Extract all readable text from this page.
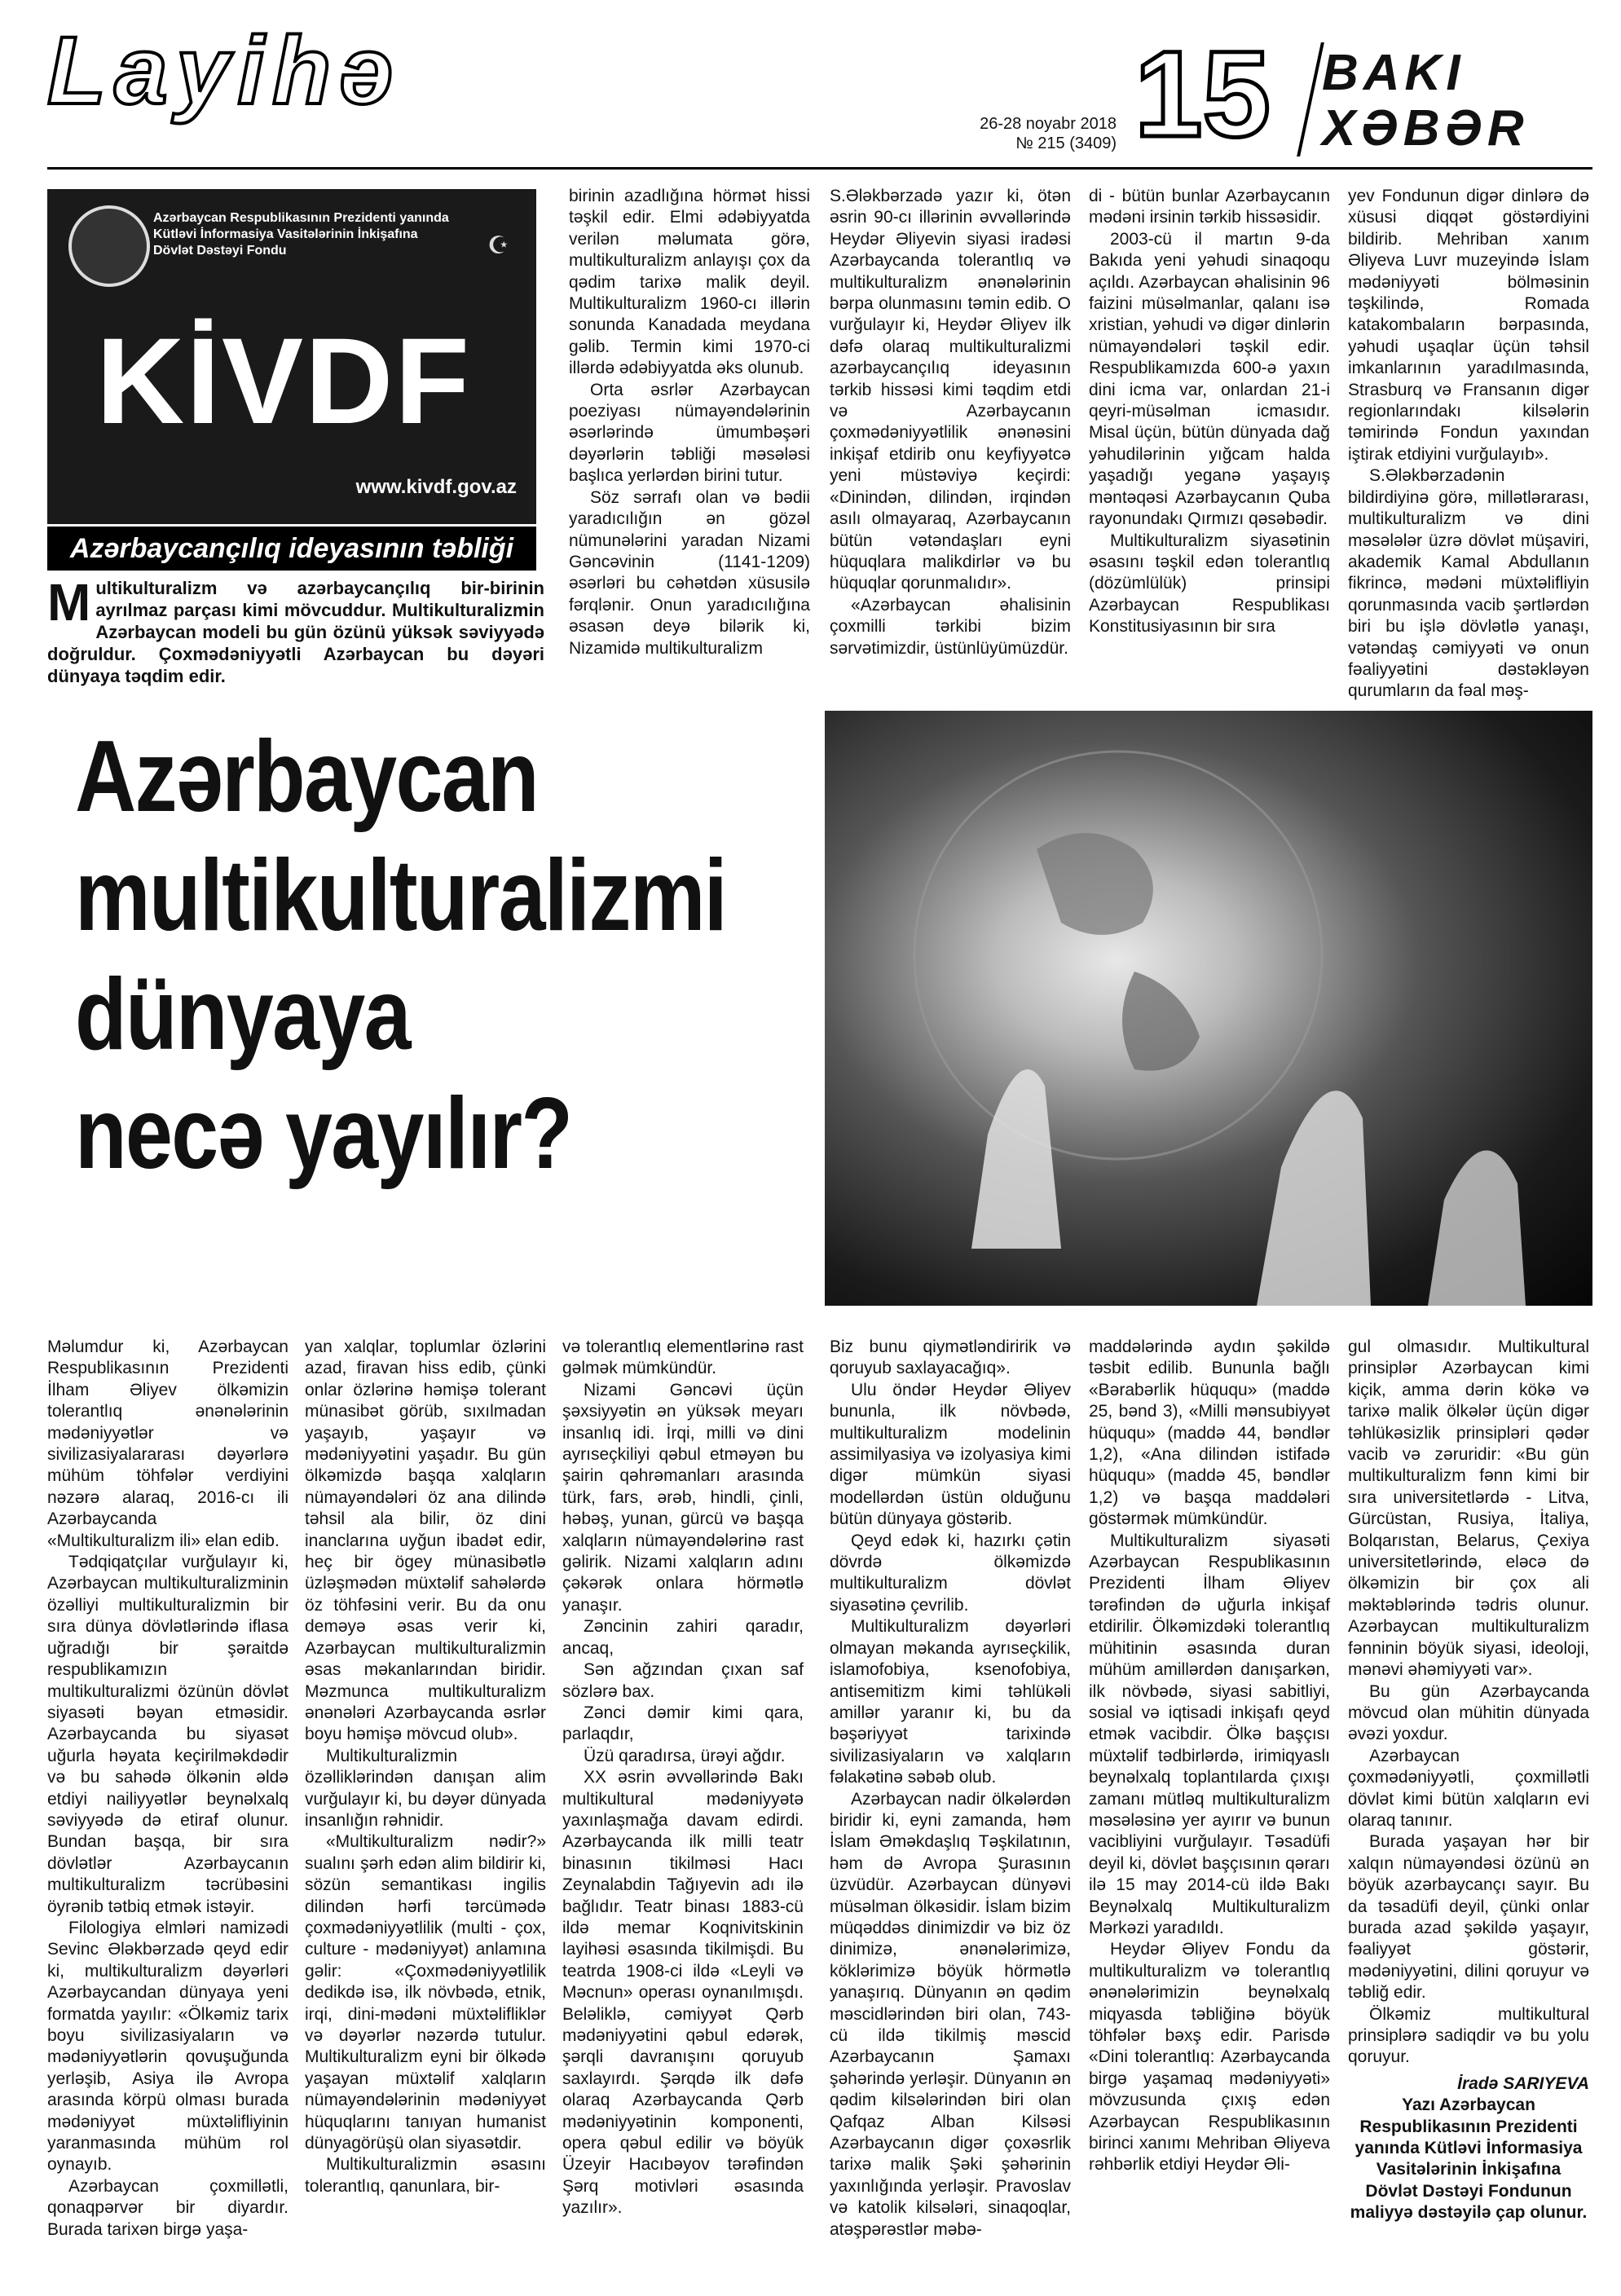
Layihə	26-28 noyabr 2018
№ 215 (3409) 15 BAKI
XƏBƏR
Azərbaycan Respublikasının Prezidenti yanında
Kütləvi İnformasiya Vasitələrinin İnkişafına
Dövlət Dəstəyi Fondu	☪
KİVDF
www.kivdf.gov.az
Azərbaycançılıq ideyasının təbliği
Multikulturalizm və azərbaycançılıq bir-birinin ayrılmaz parçası kimi mövcuddur. Multikulturalizmin Azərbaycan modeli bu gün özünü yüksək səviyyədə doğruldur. Çoxmədəniyyətli Azərbaycan bu dəyəri dünyaya təqdim edir.

birinin azadlığına hörmət hissi təşkil edir. Elmi ədəbiyyatda verilən məlumata görə, multikulturalizm anlayışı çox da qədim tarixə malik deyil. Multikulturalizm 1960-cı illərin sonunda Kanadada meydana gəlib. Termin kimi 1970-ci illərdə ədəbiyyatda əks olunub.

Orta əsrlər Azərbaycan poeziyası nümayəndələrinin əsərlərində ümumbəşəri dəyərlərin təbliği məsələsi başlıca yerlərdən birini tutur.

Söz sərrafı olan və bədii yaradıcılığın ən gözəl nümunələrini yaradan Nizami Gəncəvinin (1141-1209) əsərləri bu cəhətdən xüsusilə fərqlənir. Onun yaradıcılığına əsasən deyə bilərik ki, Nizamidə multikulturalizm

S.Ələkbərzadə yazır ki, ötən əsrin 90-cı illərinin əvvəllərində Heydər Əliyevin siyasi iradəsi Azərbaycanda tolerantlıq və multikulturalizm ənənələrinin bərpa olunmasını təmin edib. O vurğulayır ki, Heydər Əliyev ilk dəfə olaraq multikulturalizmi azərbaycançılıq ideyasının tərkib hissəsi kimi təqdim etdi və Azərbaycanın çoxmədəniyyətlilik ənənəsini inkişaf etdirib onu keyfiyyətcə yeni müstəviyə keçirdi: «Dinindən, dilindən, irqindən asılı olmayaraq, Azərbaycanın bütün vətəndaşları eyni hüquqlara malikdirlər və bu hüquqlar qorunmalıdır».

«Azərbaycan əhalisinin çoxmilli tərkibi bizim sərvətimizdir, üstünlüyümüzdür.

di - bütün bunlar Azərbaycanın mədəni irsinin tərkib hissəsidir.

2003-cü il martın 9-da Bakıda yeni yəhudi sinaqoqu açıldı. Azərbaycan əhalisinin 96 faizini müsəlmanlar, qalanı isə xristian, yəhudi və digər dinlərin nümayəndələri təşkil edir. Respublikamızda 600-ə yaxın dini icma var, onlardan 21-i qeyri-müsəlman icmasıdır. Misal üçün, bütün dünyada dağ yəhudilərinin yığcam halda yaşadığı yeganə yaşayış məntəqəsi Azərbaycanın Quba rayonundakı Qırmızı qəsəbədir.

Multikulturalizm siyasətinin əsasını təşkil edən tolerantlıq (dözümlülük) prinsipi Azərbaycan Respublikası Konstitusiyasının bir sıra

yev Fondunun digər dinlərə də xüsusi diqqət göstərdiyini bildirib. Mehriban xanım Əliyeva Luvr muzeyində İslam mədəniyyəti bölməsinin təşkilində, Romada katakombaların bərpasında, yəhudi uşaqlar üçün təhsil imkanlarının yaradılmasında, Strasburq və Fransanın digər regionlarındakı kilsələrin təmirində Fondun yaxından iştirak etdiyini vurğulayıb».

S.Ələkbərzadənin bildirdiyinə görə, millətlərarası, multikulturalizm və dini məsələlər üzrə dövlət müşaviri, akademik Kamal Abdullanın fikrincə, mədəni müxtəlifliyin qorunmasında vacib şərtlərdən biri bu işlə dövlətlə yanaşı, vətəndaş cəmiyyəti və onun fəaliyyətini dəstəkləyən qurumların da fəal məş-

Azərbaycan
multikulturalizmi
dünyaya
necə yayılır?

Məlumdur ki, Azərbaycan Respublikasının Prezidenti İlham Əliyev ölkəmizin tolerantlıq ənənələrinin mədəniyyətlər və sivilizasiyalararası dəyərlərə mühüm töhfələr verdiyini nəzərə alaraq, 2016-cı ili Azərbaycanda «Multikulturalizm ili» elan edib.

Tədqiqatçılar vurğulayır ki, Azərbaycan multikulturalizminin özəlliyi multikulturalizmin bir sıra dünya dövlətlərində iflasa uğradığı bir şəraitdə respublikamızın multikulturalizmi özünün dövlət siyasəti bəyan etməsidir. Azərbaycanda bu siyasət uğurla həyata keçirilməkdədir və bu sahədə ölkənin əldə etdiyi nailiyyətlər beynəlxalq səviyyədə də etiraf olunur. Bundan başqa, bir sıra dövlətlər Azərbaycanın multikulturalizm təcrübəsini öyrənib tətbiq etmək istəyir.

Filologiya elmləri namizədi Sevinc Ələkbərzadə qeyd edir ki, multikulturalizm dəyərləri Azərbaycandan dünyaya yeni formatda yayılır: «Ölkəmiz tarix boyu sivilizasiyaların və mədəniyyətlərin qovuşuğunda yerləşib, Asiya ilə Avropa arasında körpü olması burada mədəniyyət müxtəlifliyinin yaranmasında mühüm rol oynayıb.

Azərbaycan çoxmillətli, qonaqpərvər bir diyardır. Burada tarixən birgə yaşa-

yan xalqlar, toplumlar özlərini azad, firavan hiss edib, çünki onlar özlərinə həmişə tolerant münasibət görüb, sıxılmadan yaşayıb, yaşayır və mədəniyyətini yaşadır. Bu gün ölkəmizdə başqa xalqların nümayəndələri öz ana dilində təhsil ala bilir, öz dini inanclarına uyğun ibadət edir, heç bir ögey münasibətlə üzləşmədən müxtəlif sahələrdə öz töhfəsini verir. Bu da onu deməyə əsas verir ki, Azərbaycan multikulturalizmin əsas məkanlarından biridir. Məzmunca multikulturalizm ənənələri Azərbaycanda əsrlər boyu həmişə mövcud olub».

Multikulturalizmin özəlliklərindən danışan alim vurğulayır ki, bu dəyər dünyada insanlığın rəhnidir.

«Multikulturalizm nədir?» sualını şərh edən alim bildirir ki, sözün semantikası ingilis dilindən hərfi tərcümədə çoxmədəniyyətlilik (multi - çox, culture - mədəniyyət) anlamına gəlir: «Çoxmədəniyyətlilik dedikdə isə, ilk növbədə, etnik, irqi, dini-mədəni müxtəlifliklər və dəyərlər nəzərdə tutulur. Multikulturalizm eyni bir ölkədə yaşayan müxtəlif xalqların nümayəndələrinin mədəniyyət hüquqlarını tanıyan humanist dünyagörüşü olan siyasətdir.

Multikulturalizmin əsasını tolerantlıq, qanunlara, bir-

və tolerantlıq elementlərinə rast gəlmək mümkündür.

Nizami Gəncəvi üçün şəxsiyyətin ən yüksək meyarı insanlıq idi. İrqi, milli və dini ayrıseçkiliyi qəbul etməyən bu şairin qəhrəmanları arasında türk, fars, ərəb, hindli, çinli, həbəş, yunan, gürcü və başqa xalqların nümayəndələrinə rast gəlirik. Nizami xalqların adını çəkərək onlara hörmətlə yanaşır.

Zəncinin zahiri qaradır, ancaq,

Sən ağzından çıxan saf sözlərə bax.

Zənci dəmir kimi qara, parlaqdır,

Üzü qaradırsa, ürəyi ağdır.

XX əsrin əvvəllərində Bakı multikultural mədəniyyətə yaxınlaşmağa davam edirdi. Azərbaycanda ilk milli teatr binasının tikilməsi Hacı Zeynalabdin Tağıyevin adı ilə bağlıdır. Teatr binası 1883-cü ildə memar Koqnivitskinin layihəsi əsasında tikilmişdi. Bu teatrda 1908-ci ildə «Leyli və Məcnun» operası oynanılmışdı. Beləliklə, cəmiyyət Qərb mədəniyyətini qəbul edərək, şərqli davranışını qoruyub saxlayırdı. Şərqdə ilk dəfə olaraq Azərbaycanda Qərb mədəniyyətinin komponenti, opera qəbul edilir və böyük Üzeyir Hacıbəyov tərəfindən Şərq motivləri əsasında yazılır».

Biz bunu qiymətləndiririk və qoruyub saxlayacağıq».

Ulu öndər Heydər Əliyev bununla, ilk növbədə, multikulturalizm modelinin assimilyasiya və izolyasiya kimi digər mümkün siyasi modellərdən üstün olduğunu bütün dünyaya göstərib.

Qeyd edək ki, hazırkı çətin dövrdə ölkəmizdə multikulturalizm dövlət siyasətinə çevrilib.

Multikulturalizm dəyərləri olmayan məkanda ayrıseçkilik, islamofobiya, ksenofobiya, antisemitizm kimi təhlükəli amillər yaranır ki, bu da bəşəriyyət tarixində sivilizasiyaların və xalqların fəlakətinə səbəb olub.

Azərbaycan nadir ölkələrdən biridir ki, eyni zamanda, həm İslam Əməkdaşlıq Təşkilatının, həm də Avropa Şurasının üzvüdür. Azərbaycan dünyəvi müsəlman ölkəsidir. İslam bizim müqəddəs dinimizdir və biz öz dinimizə, ənənələrimizə, köklərimizə böyük hörmətlə yanaşırıq. Dünyanın ən qədim məscidlərindən biri olan, 743-cü ildə tikilmiş məscid Azərbaycanın Şamaxı şəhərində yerləşir. Dünyanın ən qədim kilsələrindən biri olan Qafqaz Alban Kilsəsi Azərbaycanın digər çoxəsrlik tarixə malik Şəki şəhərinin yaxınlığında yerləşir. Pravoslav və katolik kilsələri, sinaqoqlar, atəşpərəstlər məbə-

maddələrində aydın şəkildə təsbit edilib. Bununla bağlı «Bərabərlik hüququ» (maddə 25, bənd 3), «Milli mənsubiyyət hüququ» (maddə 44, bəndlər 1,2), «Ana dilindən istifadə hüququ» (maddə 45, bəndlər 1,2) və başqa maddələri göstərmək mümkündür.

Multikulturalizm siyasəti Azərbaycan Respublikasının Prezidenti İlham Əliyev tərəfindən də uğurla inkişaf etdirilir. Ölkəmizdəki tolerantlıq mühitinin əsasında duran mühüm amillərdən danışarkən, ilk növbədə, siyasi sabitliyi, sosial və iqtisadi inkişafı qeyd etmək vacibdir. Ölkə başçısı müxtəlif tədbirlərdə, irimiqyaslı beynəlxalq toplantılarda çıxışı zamanı mütləq multikulturalizm məsələsinə yer ayırır və bunun vacibliyini vurğulayır. Təsadüfi deyil ki, dövlət başçısının qərarı ilə 15 may 2014-cü ildə Bakı Beynəlxalq Multikulturalizm Mərkəzi yaradıldı.

Heydər Əliyev Fondu da multikulturalizm və tolerantlıq ənənələrimizin beynəlxalq miqyasda təbliğinə böyük töhfələr bəxş edir. Parisdə «Dini tolerantlıq: Azərbaycanda birgə yaşamaq mədəniyyəti» mövzusunda çıxış edən Azərbaycan Respublikasının birinci xanımı Mehriban Əliyeva rəhbərlik etdiyi Heydər Əli-

gul olmasıdır. Multikultural prinsiplər Azərbaycan kimi kiçik, amma dərin kökə və tarixə malik ölkələr üçün digər təhlükəsizlik prinsipləri qədər vacib və zəruridir: «Bu gün multikulturalizm fənn kimi bir sıra universitetlərdə - Litva, Gürcüstan, Rusiya, İtaliya, Bolqarıstan, Belarus, Çexiya universitetlərində, eləcə də ölkəmizin bir çox ali məktəblərində tədris olunur. Azərbaycan multikulturalizm fənninin böyük siyasi, ideoloji, mənəvi əhəmiyyəti var».

Bu gün Azərbaycanda mövcud olan mühitin dünyada əvəzi yoxdur.

Azərbaycan çoxmədəniyyətli, çoxmillətli dövlət kimi bütün xalqların evi olaraq tanınır.

Burada yaşayan hər bir xalqın nümayəndəsi özünü ən böyük azərbaycançı sayır. Bu da təsadüfi deyil, çünki onlar burada azad şəkildə yaşayır, fəaliyyət göstərir, mədəniyyətini, dilini qoruyur və təbliğ edir.

Ölkəmiz multikultural prinsiplərə sadiqdir və bu yolu qoruyur.

İradə SARIYEVA

Yazı Azərbaycan Respublikasının Prezidenti yanında Kütləvi İnformasiya Vasitələrinin İnkişafına Dövlət Dəstəyi Fondunun maliyyə dəstəyilə çap olunur.
